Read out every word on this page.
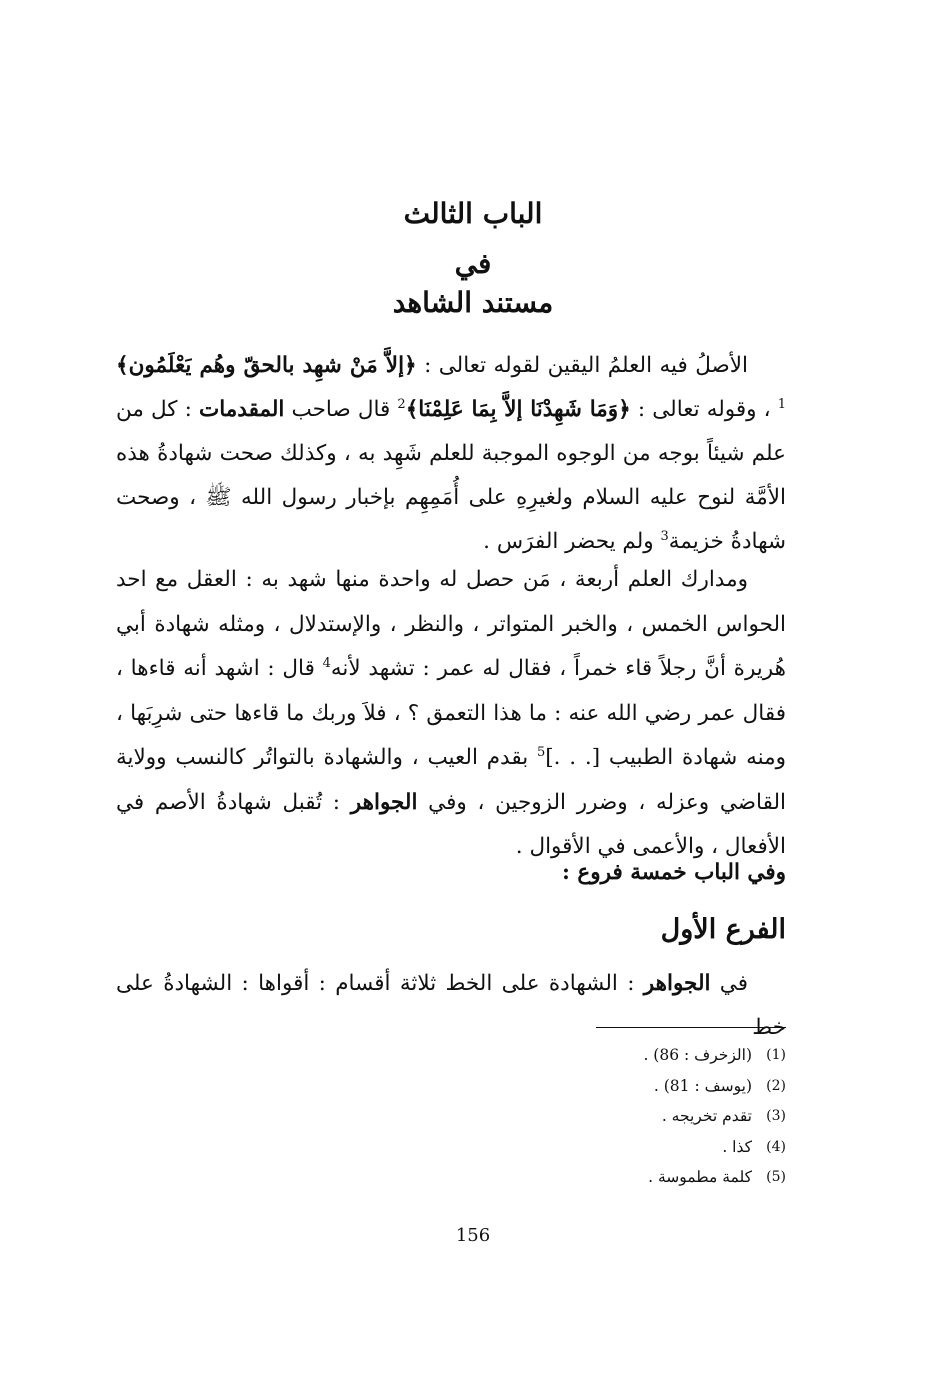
الباب الثالث
في
مستند الشاهد

الأصلُ فيه العلمُ اليقين لقوله تعالى : ﴿إلاَّ مَنْ شهِد بالحقّ وهُم يَعْلَمُون﴾$^1$ ، وقوله تعالى : ﴿وَمَا شَهِدْنَا إلاَّ بِمَا عَلِمْنَا﴾$^2$ قال صاحب المقدمات : كل من علم شيئاً بوجه من الوجوه الموجبة للعلم شَهِد به ، وكذلك صحت شهادةُ هذه الأمَّة لنوح عليه السلام ولغيرِهِ على أُمَمِهِم بإخبار رسول الله ﷺ ، وصحت شهادةُ خزيمة$^3$ ولم يحضر الفرَس .

ومدارك العلم أربعة ، مَن حصل له واحدة منها شهد به : العقل مع احد الحواس الخمس ، والخبر المتواتر ، والنظر ، والإستدلال ، ومثله شهادة أبي هُريرة أنَّ رجلاً قاء خمراً ، فقال له عمر : تشهد لأنه$^4$ قال : اشهد أنه قاءها ، فقال عمر رضي الله عنه : ما هذا التعمق ؟ ، فلاَ وربك ما قاءها حتى شرِبَها ، ومنه شهادة الطبيب [. . .]$^5$ بقدم العيب ، والشهادة بالتواتُر كالنسب وولاية القاضي وعزله ، وضرر الزوجين ، وفي الجواهر : تُقبل شهادةُ الأصم في الأفعال ، والأعمى في الأقوال .

وفي الباب خمسة فروع :

الفرع الأول

في الجواهر : الشهادة على الخط ثلاثة أقسام : أقواها : الشهادةُ على خط

(1)
(الزخرف : 86) .
(2)
(يوسف : 81) .
(3)
تقدم تخريجه .
(4)
كذا .
(5)
كلمة مطموسة .
156
